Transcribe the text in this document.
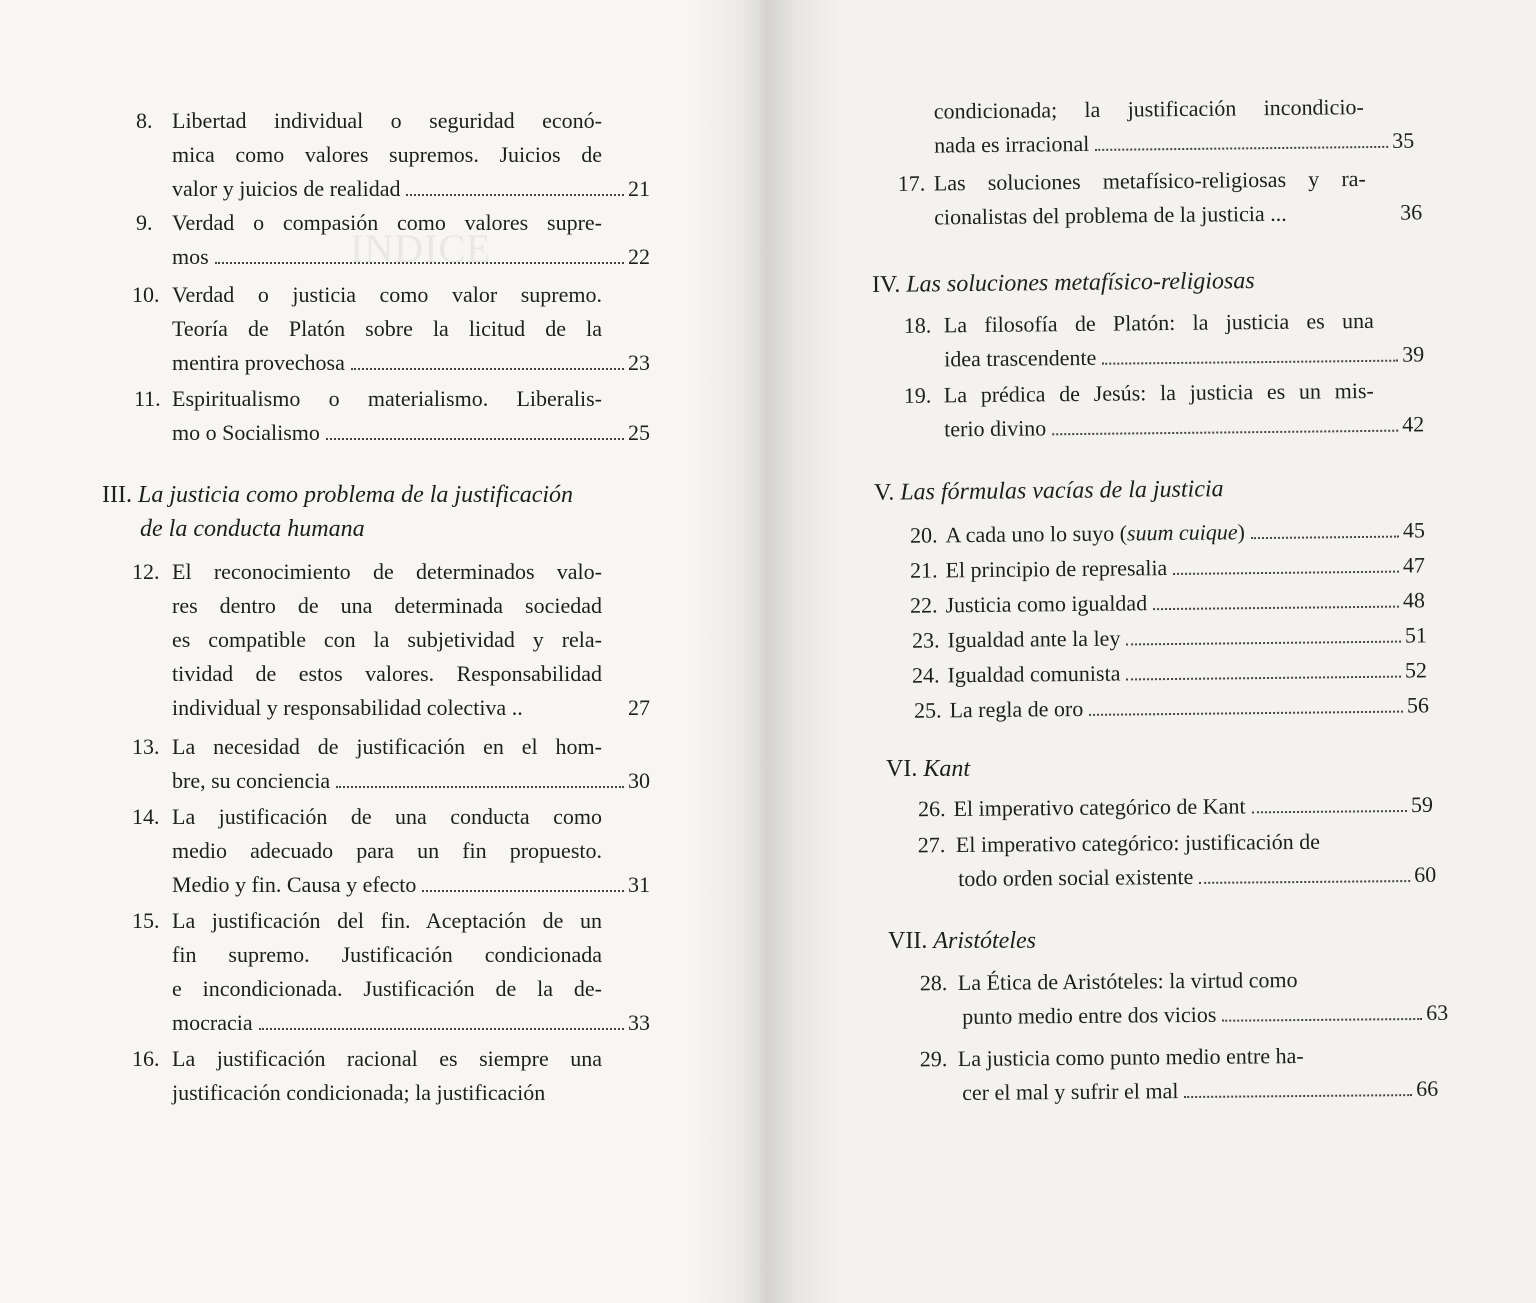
8. Libertad individual o seguridad econó-
mica como valores supremos. Juicios de
valor y juicios de realidad	21
9. Verdad o compasión como valores supre-
mos	22
10. Verdad o justicia como valor supremo.
Teoría de Platón sobre la licitud de la
mentira provechosa	23
11. Espiritualismo o materialismo. Liberalis-
mo o Socialismo	25
III. La justicia como problema de la justificación
de la conducta humana
12. El reconocimiento de determinados valo-
res dentro de una determinada sociedad
es compatible con la subjetividad y rela-
tividad de estos valores. Responsabilidad
individual y responsabilidad colectiva ..	27
13. La necesidad de justificación en el hom-
bre, su conciencia	30
14. La justificación de una conducta como
medio adecuado para un fin propuesto.
Medio y fin. Causa y efecto	31
15. La justificación del fin. Aceptación de un
fin supremo. Justificación condicionada
e incondicionada. Justificación de la de-
mocracia	33
16. La justificación racional es siempre una
justificación condicionada; la justificación
condicionada; la justificación incondicio-
nada es irracional	35
17. Las soluciones metafísico-religiosas y ra-
cionalistas del problema de la justicia ...	36
IV. Las soluciones metafísico-religiosas
18. La filosofía de Platón: la justicia es una
idea trascendente	39
19. La prédica de Jesús: la justicia es un mis-
terio divino	42
V. Las fórmulas vacías de la justicia
20. A cada uno lo suyo (suum cuique)	45
21. El principio de represalia	47
22. Justicia como igualdad	48
23. Igualdad ante la ley	51
24. Igualdad comunista	52
25. La regla de oro	56
VI. Kant
26. El imperativo categórico de Kant	59
27. El imperativo categórico: justificación de
todo orden social existente	60
VII. Aristóteles
28. La Ética de Aristóteles: la virtud como
punto medio entre dos vicios	63
29. La justicia como punto medio entre ha-
cer el mal y sufrir el mal	66
